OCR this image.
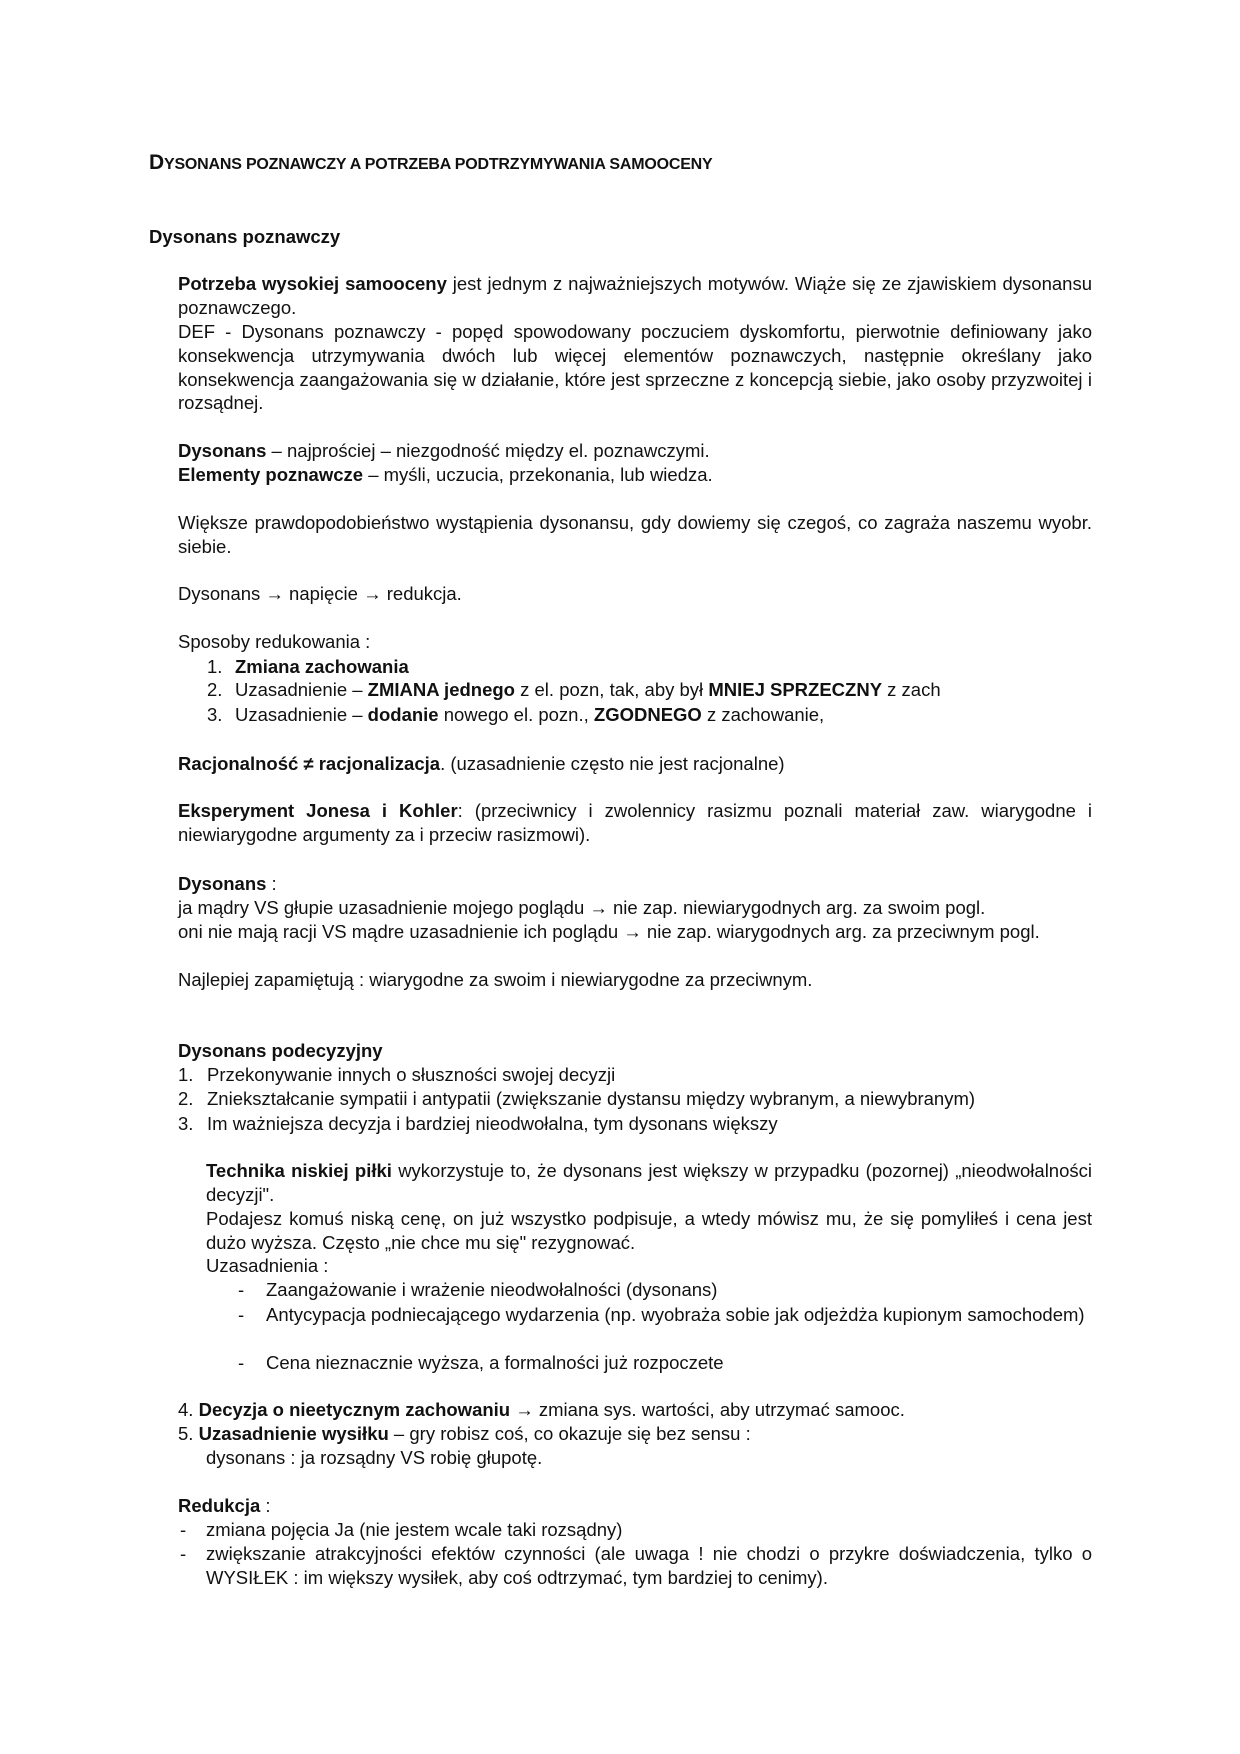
DYSONANS POZNAWCZY A POTRZEBA PODTRZYMYWANIA SAMOOCENY
Dysonans poznawczy
Potrzeba wysokiej samooceny jest jednym z najważniejszych motywów. Wiąże się ze zjawiskiem dysonansu poznawczego.
DEF - Dysonans poznawczy - popęd spowodowany poczuciem dyskomfortu, pierwotnie definiowany jako konsekwencja utrzymywania dwóch lub więcej elementów poznawczych, następnie określany jako konsekwencja zaangażowania się w działanie, które jest sprzeczne z koncepcją siebie, jako osoby przyzwoitej i rozsądnej.
Dysonans – najprościej – niezgodność między el. poznawczymi.
Elementy poznawcze – myśli, uczucia, przekonania, lub wiedza.
Większe prawdopodobieństwo wystąpienia dysonansu, gdy dowiemy się czegoś, co zagraża naszemu wyobr. siebie.
Dysonans → napięcie → redukcja.
Sposoby redukowania :
1. Zmiana zachowania
2. Uzasadnienie – ZMIANA jednego z el. pozn, tak, aby był MNIEJ SPRZECZNY z zach
3. Uzasadnienie – dodanie nowego el. pozn., ZGODNEGO z zachowanie,
Racjonalność ≠ racjonalizacja. (uzasadnienie często nie jest racjonalne)
Eksperyment Jonesa i Kohler: (przeciwnicy i zwolennicy rasizmu poznali materiał zaw. wiarygodne i niewiarygodne argumenty za i przeciw rasizmowi).
Dysonans :
ja mądry VS głupie uzasadnienie mojego poglądu → nie zap. niewiarygodnych arg. za swoim pogl.
oni nie mają racji VS mądre uzasadnienie ich poglądu → nie zap. wiarygodnych arg. za przeciwnym pogl.
Najlepiej zapamiętują : wiarygodne za swoim i niewiarygodne za przeciwnym.
Dysonans podecyzyjny
1. Przekonywanie innych o słuszności swojej decyzji
2. Zniekształcanie sympatii i antypatii (zwiększanie dystansu między wybranym, a niewybranym)
3. Im ważniejsza decyzja i bardziej nieodwołalna, tym dysonans większy
Technika niskiej piłki wykorzystuje to, że dysonans jest większy w przypadku (pozornej) „nieodwołalności decyzji".
Podajesz komuś niską cenę, on już wszystko podpisuje, a wtedy mówisz mu, że się pomyliłeś i cena jest dużo wyższa. Często „nie chce mu się" rezygnować.
Uzasadnienia :
- Zaangażowanie i wrażenie nieodwołalności (dysonans)
- Antycypacja podniecającego wydarzenia (np. wyobraża sobie jak odjeżdża kupionym samochodem)
- Cena nieznacznie wyższa, a formalności już rozpoczete
4. Decyzja o nieetycznym zachowaniu → zmiana sys. wartości, aby utrzymać samooc.
5. Uzasadnienie wysiłku – gry robisz coś, co okazuje się bez sensu :
dysonans : ja rozsądny VS robię głupotę.
Redukcja :
- zmiana pojęcia Ja (nie jestem wcale taki rozsądny)
- zwiększanie atrakcyjności efektów czynności (ale uwaga ! nie chodzi o przykre doświadczenia, tylko o WYSIŁEK : im większy wysiłek, aby coś odtrzymać, tym bardziej to cenimy).
